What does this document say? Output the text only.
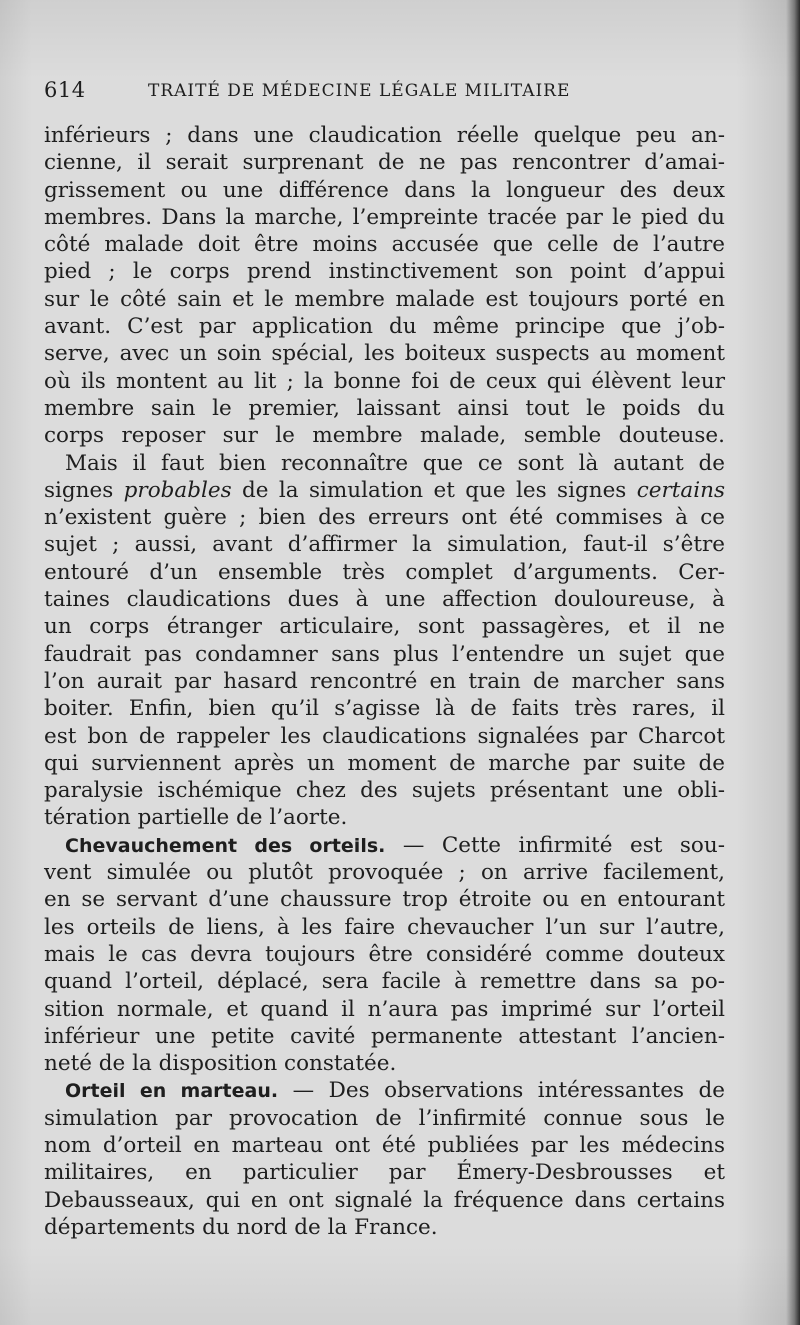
614	TRAITÉ DE MÉDECINE LÉGALE MILITAIRE
inférieurs ; dans une claudication réelle quelque peu an-
cienne, il serait surprenant de ne pas rencontrer d’amai-
grissement ou une différence dans la longueur des deux
membres. Dans la marche, l’empreinte tracée par le pied du
côté malade doit être moins accusée que celle de l’autre
pied ; le corps prend instinctivement son point d’appui
sur le côté sain et le membre malade est toujours porté en
avant. C’est par application du même principe que j’ob-
serve, avec un soin spécial, les boiteux suspects au moment
où ils montent au lit ; la bonne foi de ceux qui élèvent leur
membre sain le premier, laissant ainsi tout le poids du
corps reposer sur le membre malade, semble douteuse.
Mais il faut bien reconnaître que ce sont là autant de
signes probables de la simulation et que les signes certains
n’existent guère ; bien des erreurs ont été commises à ce
sujet ; aussi, avant d’affirmer la simulation, faut-il s’être
entouré d’un ensemble très complet d’arguments. Cer-
taines claudications dues à une affection douloureuse, à
un corps étranger articulaire, sont passagères, et il ne
faudrait pas condamner sans plus l’entendre un sujet que
l’on aurait par hasard rencontré en train de marcher sans
boiter. Enfin, bien qu’il s’agisse là de faits très rares, il
est bon de rappeler les claudications signalées par Charcot
qui surviennent après un moment de marche par suite de
paralysie ischémique chez des sujets présentant une obli-
tération partielle de l’aorte.
Chevauchement des orteils. — Cette infirmité est sou-
vent simulée ou plutôt provoquée ; on arrive facilement,
en se servant d’une chaussure trop étroite ou en entourant
les orteils de liens, à les faire chevaucher l’un sur l’autre,
mais le cas devra toujours être considéré comme douteux
quand l’orteil, déplacé, sera facile à remettre dans sa po-
sition normale, et quand il n’aura pas imprimé sur l’orteil
inférieur une petite cavité permanente attestant l’ancien-
neté de la disposition constatée.
Orteil en marteau. — Des observations intéressantes de
simulation par provocation de l’infirmité connue sous le
nom d’orteil en marteau ont été publiées par les médecins
militaires, en particulier par Émery-Desbrousses et
Debausseaux, qui en ont signalé la fréquence dans certains
départements du nord de la France.
